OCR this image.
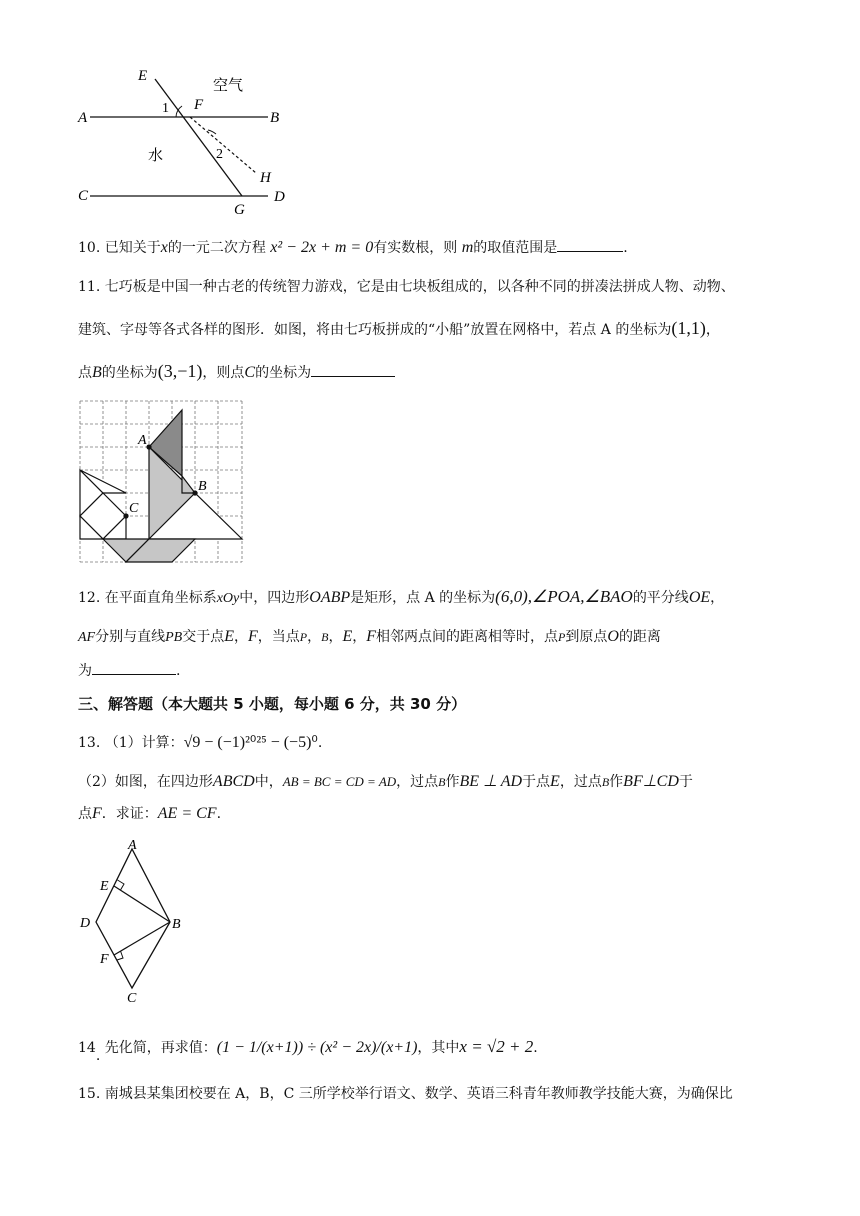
E
A
1 F
B
空气
水	2
H
C
G
D
10. 已知关于x的一元二次方程 x² − 2x + m = 0有实数根，则 m的取值范围是	.
11. 七巧板是中国一种古老的传统智力游戏，它是由七块板组成的，以各种不同的拼凑法拼成人物、动物、
建筑、字母等各式各样的图形．如图，将由七巧板拼成的“小船”放置在网格中，若点 A 的坐标为(1,1)，
点B的坐标为(3,−1)，则点C的坐标为
A
B
C
12. 在平面直角坐标系xOy中，四边形OABP是矩形，点 A 的坐标为(6,0),∠POA,∠BAO的平分线OE，
AF分别与直线PB交于点E，F，当点P，B，E，F相邻两点间的距离相等时，点P到原点O的距离
为	.
三、解答题（本大题共 5 小题，每小题 6 分，共 30 分）
13. （1）计算：√9 − (−1)²⁰²⁵ − (−5)⁰.
（2）如图，在四边形ABCD中，AB = BC = CD = AD，过点B作BE ⊥ AD于点E，过点B作BF⊥CD于
点F．求证：AE = CF.
A
E
D	B
F
C
14. 先化简，再求值：(1 − 1/(x+1)) ÷ (x² − 2x)/(x+1)，其中x = √2 + 2.
15. 南城县某集团校要在 A，B，C 三所学校举行语文、数学、英语三科青年教师教学技能大赛，为确保比
